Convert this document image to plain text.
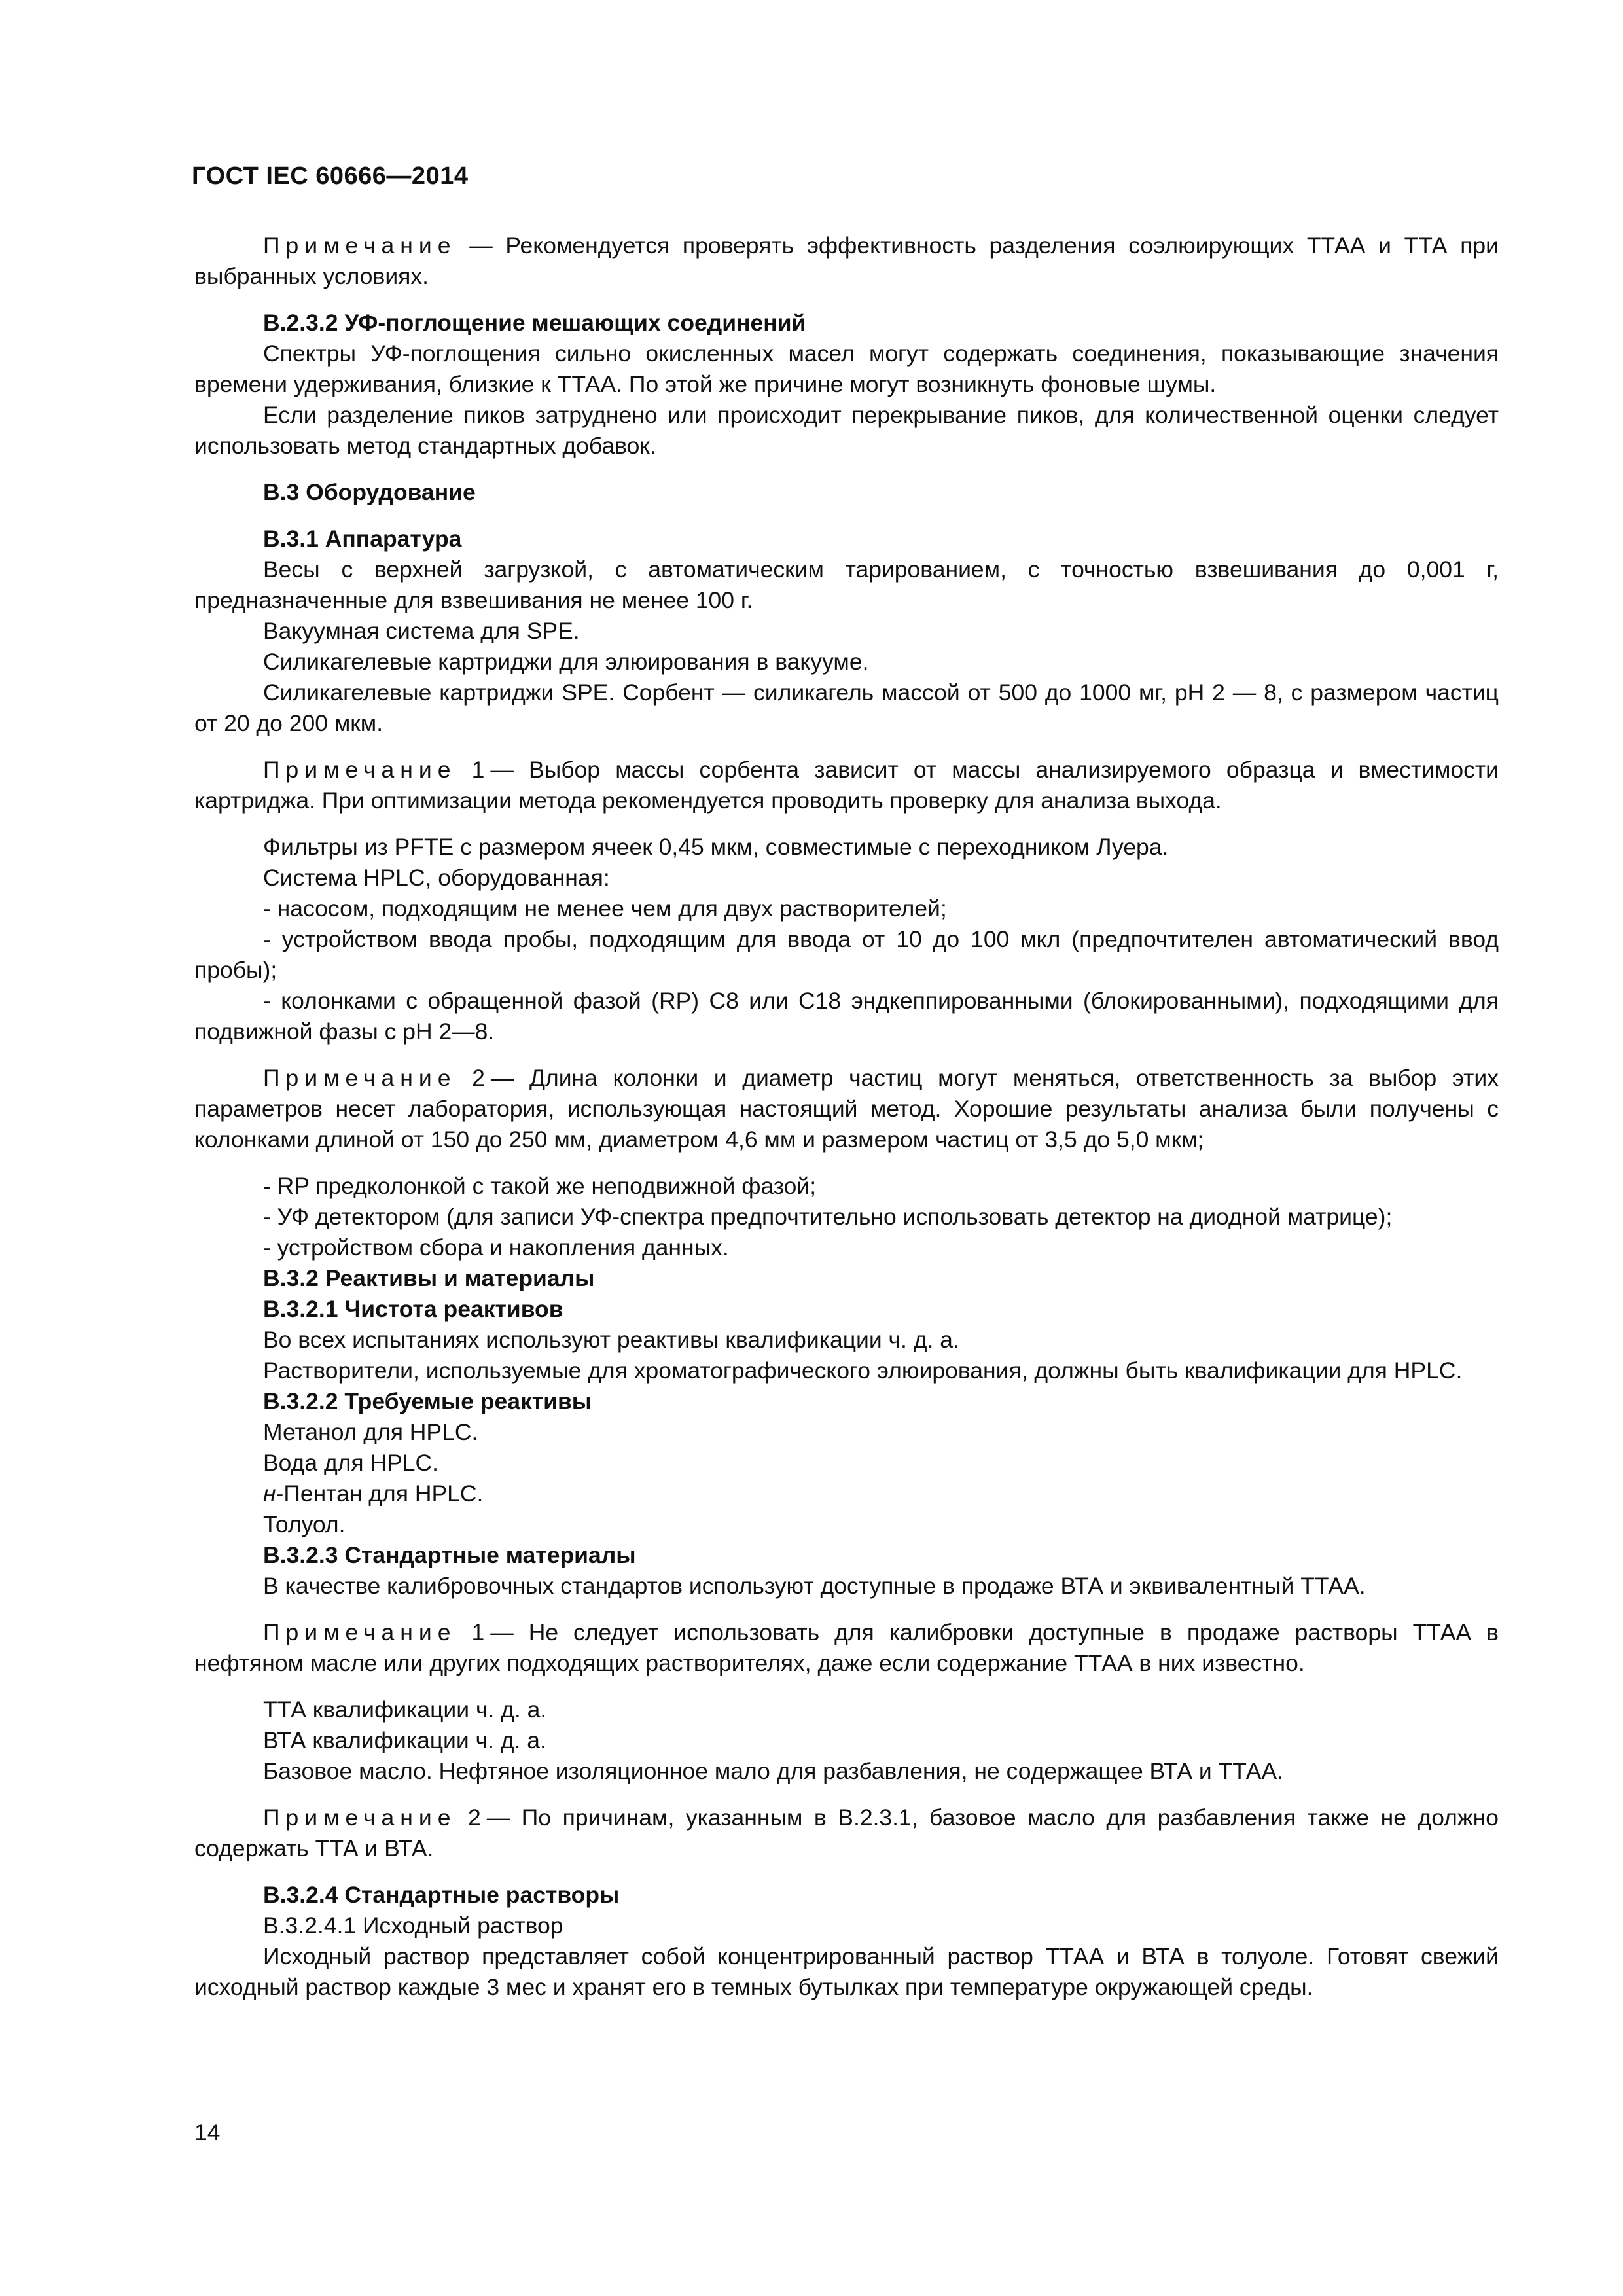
ГОСТ IEC 60666—2014

Примечание — Рекомендуется проверять эффективность разделения соэлюирующих ТТАА и ТТА при выбранных условиях.

В.2.3.2 УФ-поглощение мешающих соединений

Спектры УФ-поглощения сильно окисленных масел могут содержать соединения, показывающие значения времени удерживания, близкие к ТТАА. По этой же причине могут возникнуть фоновые шумы.

Если разделение пиков затруднено или происходит перекрывание пиков, для количественной оценки следует использовать метод стандартных добавок.

В.3 Оборудование

В.3.1 Аппаратура

Весы с верхней загрузкой, с автоматическим тарированием, с точностью взвешивания до 0,001 г, предназначенные для взвешивания не менее 100 г.

Вакуумная система для SPE.

Силикагелевые картриджи для элюирования в вакууме.

Силикагелевые картриджи SPE. Сорбент — силикагель массой от 500 до 1000 мг, pH 2 — 8, с размером частиц от 20 до 200 мкм.

Примечание 1— Выбор массы сорбента зависит от массы анализируемого образца и вместимости картриджа. При оптимизации метода рекомендуется проводить проверку для анализа выхода.

Фильтры из PFTE с размером ячеек 0,45 мкм, совместимые с переходником Луера.

Система HPLC, оборудованная:

- насосом, подходящим не менее чем для двух растворителей;

- устройством ввода пробы, подходящим для ввода от 10 до 100 мкл (предпочтителен автоматический ввод пробы);

- колонками с обращенной фазой (RP) C8 или C18 эндкеппированными (блокированными), подходящими для подвижной фазы с pH 2—8.

Примечание 2— Длина колонки и диаметр частиц могут меняться, ответственность за выбор этих параметров несет лаборатория, использующая настоящий метод. Хорошие результаты анализа были получены с колонками длиной от 150 до 250 мм, диаметром 4,6 мм и размером частиц от 3,5 до 5,0 мкм;

- RP предколонкой с такой же неподвижной фазой;

- УФ детектором (для записи УФ-спектра предпочтительно использовать детектор на диодной матрице);

- устройством сбора и накопления данных.

В.3.2 Реактивы и материалы

В.3.2.1 Чистота реактивов

Во всех испытаниях используют реактивы квалификации ч. д. а.

Растворители, используемые для хроматографического элюирования, должны быть квалификации для HPLC.

В.3.2.2 Требуемые реактивы

Метанол для HPLC.

Вода для HPLC.

н-Пентан для HPLC.

Толуол.

В.3.2.3 Стандартные материалы

В качестве калибровочных стандартов используют доступные в продаже ВТА и эквивалентный ТТАА.

Примечание 1— Не следует использовать для калибровки доступные в продаже растворы ТТАА в нефтяном масле или других подходящих растворителях, даже если содержание ТТАА в них известно.

ТТА квалификации ч. д. а.

ВТА квалификации ч. д. а.

Базовое масло. Нефтяное изоляционное мало для разбавления, не содержащее ВТА и ТТАА.

Примечание 2— По причинам, указанным в В.2.3.1, базовое масло для разбавления также не должно содержать ТТА и ВТА.

В.3.2.4 Стандартные растворы

В.3.2.4.1 Исходный раствор

Исходный раствор представляет собой концентрированный раствор ТТАА и ВТА в толуоле. Готовят свежий исходный раствор каждые 3 мес и хранят его в темных бутылках при температуре окружающей среды.

14
